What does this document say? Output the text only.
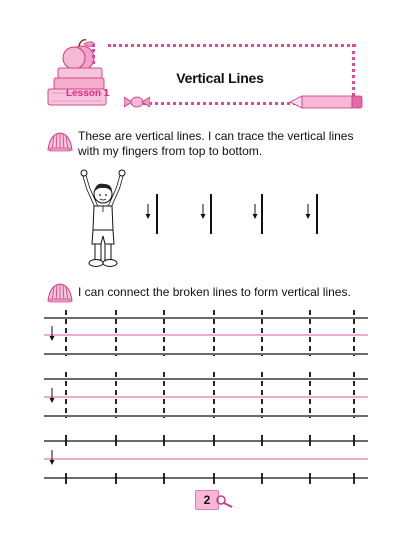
Lesson 1
Vertical Lines
These are vertical lines. I can trace the vertical lines with my fingers from top to bottom.
I can connect the broken lines to form vertical lines.
2
